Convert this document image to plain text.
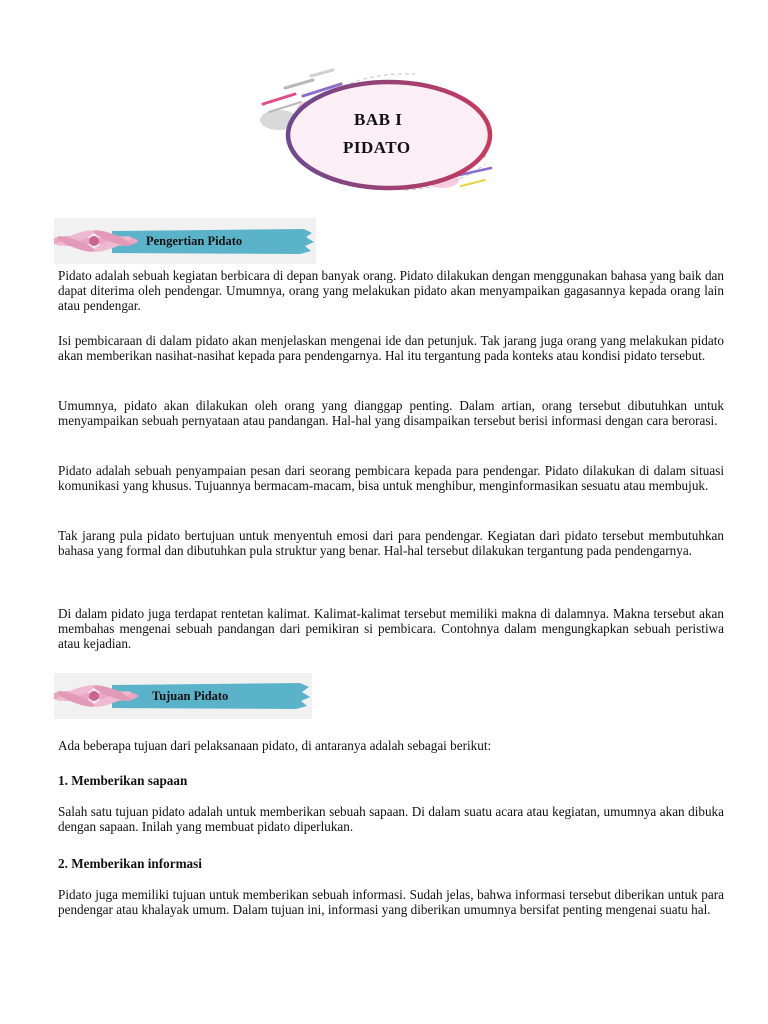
BAB I
PIDATO
Pengertian Pidato

Pidato adalah sebuah kegiatan berbicara di depan banyak orang. Pidato dilakukan dengan menggunakan bahasa yang baik dan dapat diterima oleh pendengar. Umumnya, orang yang melakukan pidato akan menyampaikan gagasannya kepada orang lain atau pendengar.

Isi pembicaraan di dalam pidato akan menjelaskan mengenai ide dan petunjuk. Tak jarang juga orang yang melakukan pidato akan memberikan nasihat-nasihat kepada para pendengarnya. Hal itu tergantung pada konteks atau kondisi pidato tersebut.

Umumnya, pidato akan dilakukan oleh orang yang dianggap penting. Dalam artian, orang tersebut dibutuhkan untuk menyampaikan sebuah pernyataan atau pandangan. Hal-hal yang disampaikan tersebut berisi informasi dengan cara berorasi.

Pidato adalah sebuah penyampaian pesan dari seorang pembicara kepada para pendengar. Pidato dilakukan di dalam situasi komunikasi yang khusus. Tujuannya bermacam-macam, bisa untuk menghibur, menginformasikan sesuatu atau membujuk.

Tak jarang pula pidato bertujuan untuk menyentuh emosi dari para pendengar. Kegiatan dari pidato tersebut membutuhkan bahasa yang formal dan dibutuhkan pula struktur yang benar. Hal-hal tersebut dilakukan tergantung pada pendengarnya.

Di dalam pidato juga terdapat rentetan kalimat. Kalimat-kalimat tersebut memiliki makna di dalamnya. Makna tersebut akan membahas mengenai sebuah pandangan dari pemikiran si pembicara. Contohnya dalam mengungkapkan sebuah peristiwa atau kejadian.

Tujuan Pidato

Ada beberapa tujuan dari pelaksanaan pidato, di antaranya adalah sebagai berikut:

1. Memberikan sapaan

Salah satu tujuan pidato adalah untuk memberikan sebuah sapaan. Di dalam suatu acara atau kegiatan, umumnya akan dibuka dengan sapaan. Inilah yang membuat pidato diperlukan.

2. Memberikan informasi

Pidato juga memiliki tujuan untuk memberikan sebuah informasi. Sudah jelas, bahwa informasi tersebut diberikan untuk para pendengar atau khalayak umum. Dalam tujuan ini, informasi yang diberikan umumnya bersifat penting mengenai suatu hal.
